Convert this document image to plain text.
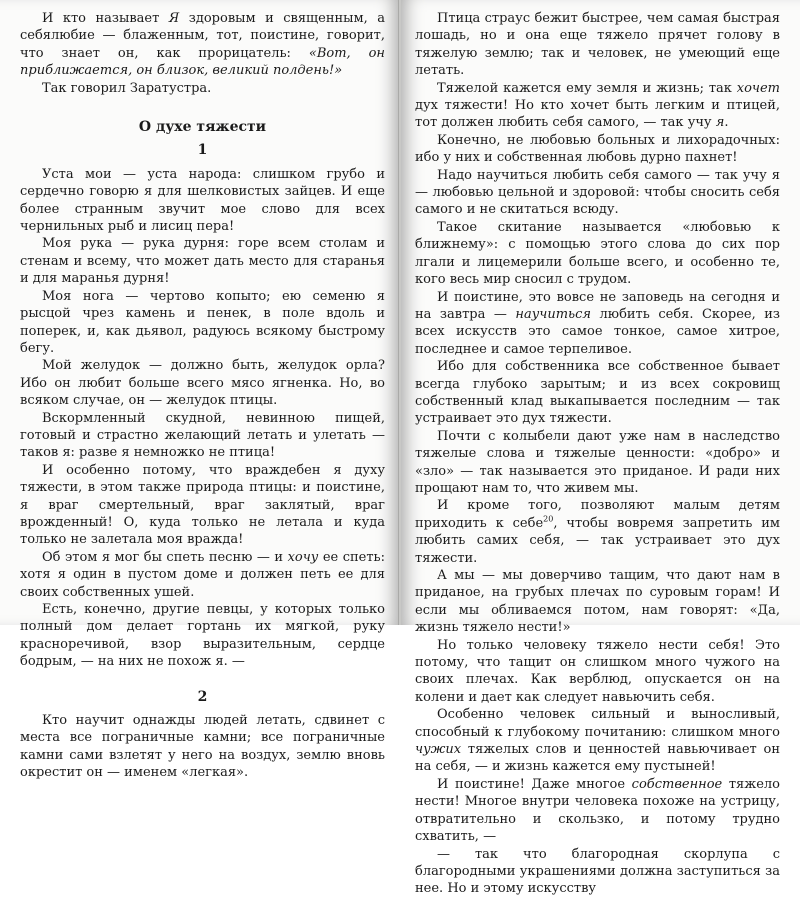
И кто называет Я здоровым и священным, а себялюбие — блаженным, тот, поистине, говорит, что знает он, как прорицатель: «Вот, он приближается, он близок, великий полдень!»

Так говорил Заратустра.

О духе тяжести
1

Уста мои — уста народа: слишком грубо и сердечно говорю я для шелковистых зайцев. И еще более странным звучит мое слово для всех чернильных рыб и лисиц пера!

Моя рука — рука дурня: горе всем столам и стенам и всему, что может дать место для старанья и для маранья дурня!

Моя нога — чертово копыто; ею семеню я рысцой чрез камень и пенек, в поле вдоль и поперек, и, как дьявол, радуюсь всякому быстрому бегу.

Мой желудок — должно быть, желудок орла? Ибо он любит больше всего мясо ягненка. Но, во всяком случае, он — желудок птицы.

Вскормленный скудной, невинною пищей, готовый и страстно желающий летать и улетать — таков я: разве я немножко не птица!

И особенно потому, что враждебен я духу тяжести, в этом также природа птицы: и поистине, я враг смертельный, враг заклятый, враг врожденный! О, куда только не летала и куда только не залетала моя вражда!

Об этом я мог бы спеть песню — и хочу ее спеть: хотя я один в пустом доме и должен петь ее для своих собственных ушей.

Есть, конечно, другие певцы, у которых только полный дом делает гортань их мягкой, руку красноречивой, взор выразительным, сердце бодрым, — на них не похож я. —

2

Кто научит однажды людей летать, сдвинет с места все пограничные камни; все пограничные камни сами взлетят у него на воздух, землю вновь окрестит он — именем «легкая».

Птица страус бежит быстрее, чем самая быстрая лошадь, но и она еще тяжело прячет голову в тяжелую землю; так и человек, не умеющий еще летать.

Тяжелой кажется ему земля и жизнь; так хочет дух тяжести! Но кто хочет быть легким и птицей, тот должен любить себя самого, — так учу я.

Конечно, не любовью больных и лихорадочных: ибо у них и собственная любовь дурно пахнет!

Надо научиться любить себя самого — так учу я — любовью цельной и здоровой: чтобы сносить себя самого и не скитаться всюду.

Такое скитание называется «любовью к ближнему»: с помощью этого слова до сих пор лгали и лицемерили больше всего, и особенно те, кого весь мир сносил с трудом.

И поистине, это вовсе не заповедь на сегодня и на завтра — научиться любить себя. Скорее, из всех искусств это самое тонкое, самое хитрое, последнее и самое терпеливое.

Ибо для собственника все собственное бывает всегда глубоко зарытым; и из всех сокровищ собственный клад выкапывается последним — так устраивает это дух тяжести.

Почти с колыбели дают уже нам в наследство тяжелые слова и тяжелые ценности: «добро» и «зло» — так называется это приданое. И ради них прощают нам то, что живем мы.

И кроме того, позволяют малым детям приходить к себе$^{20}$, чтобы вовремя запретить им любить самих себя, — так устраивает это дух тяжести.

А мы — мы доверчиво тащим, что дают нам в приданое, на грубых плечах по суровым горам! И если мы обливаемся потом, нам говорят: «Да, жизнь тяжело нести!»

Но только человеку тяжело нести себя! Это потому, что тащит он слишком много чужого на своих плечах. Как верблюд, опускается он на колени и дает как следует навьючить себя.

Особенно человек сильный и выносливый, способный к глубокому почитанию: слишком много чужих тяжелых слов и ценностей навьючивает он на себя, — и жизнь кажется ему пустыней!

И поистине! Даже многое собственное тяжело нести! Многое внутри человека похоже на устрицу, отвратительно и скользко, и потому трудно схватить, —

— так что благородная скорлупа с благородными украшениями должна заступиться за нее. Но и этому искусству
